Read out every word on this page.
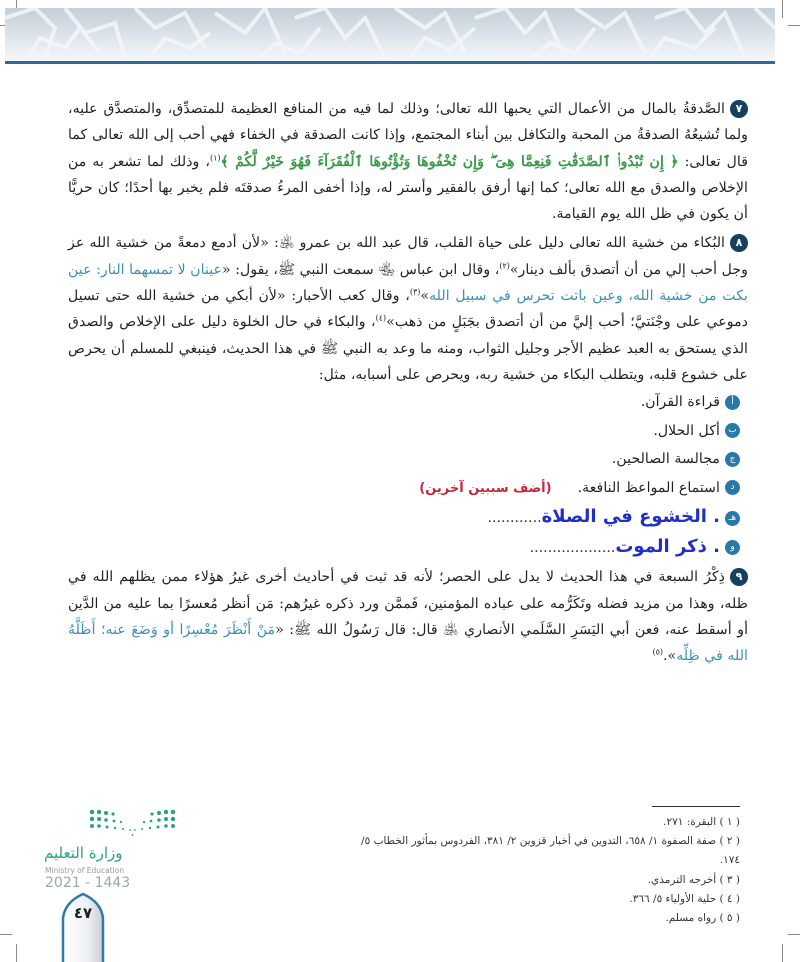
٧الصَّدقةُ بالمال من الأعمال التي يحبها الله تعالى؛ وذلك لما فيه من المنافع العظيمة للمتصدِّق، والمتصدَّق عليه، ولما تُشيعُهُ الصدقةُ من المحبة والتكافل بين أبناء المجتمع، وإذا كانت الصدقة في الخفاء فهي أحب إلى الله تعالى كما قال تعالى: ﴿ إِن تُبْدُوا۟ ٱلصَّدَقَٰتِ فَنِعِمَّا هِىَ ۖ وَإِن تُخْفُوهَا وَتُؤْتُوهَا ٱلْفُقَرَآءَ فَهُوَ خَيْرٌ لَّكُمْ ﴾$^{(١)}$، وذلك لما تشعر به من الإخلاص والصدق مع الله تعالى؛ كما إنها أرفق بالفقير وأستر له، وإذا أخفى المرءُ صدقتَه فلم يخبر بها أحدًا؛ كان حريًّا أن يكون في ظل الله يوم القيامة.

٨البُكاء من خشية الله تعالى دليل على حياة القلب، قال عبد الله بن عمرو ﵁: «لأن أدمع دمعةً من خشية الله عز وجل أحب إلي من أن أتصدق بألف دينار»$^{(٢)}$، وقال ابن عباس ﵄ سمعت النبي ﷺ، يقول: «عينان لا تمسهما النار: عين بكت من خشية الله، وعين باتت تحرس في سبيل الله»$^{(٣)}$، وقال كعب الأحبار: «لأن أبكي من خشية الله حتى تسيل دموعي على وجْنَتيَّ؛ أحب إليَّ من أن أتصدق بجَبَلٍ من ذهب»$^{(٤)}$، والبكاء في حال الخلوة دليل على الإخلاص والصدق الذي يستحق به العبد عظيم الأجر وجليل الثواب، ومنه ما وعد به النبي ﷺ في هذا الحديث، فينبغي للمسلم أن يحرص على خشوع قلبه، ويتطلب البكاء من خشية ربه، ويحرص على أسبابه، مثل:

أقراءة القرآن.
بأكل الحلال.
جمجالسة الصالحين.
داستماع المواعظ النافعة.(أضف سببين آخرين)
هـ. الخشوع في الصلاة............
و. ذكر الموت...................

٩ذِكْرُ السبعة في هذا الحديث لا يدل على الحصر؛ لأنه قد ثبت في أحاديث أخرى غيرُ هؤلاء ممن يظلهم الله في ظله، وهذا من مزيد فضله وتَكَرُّمه على عباده المؤمنين، فَممَّن ورد ذكره غيرُهم: مَن أنظر مُعسرًا بما عليه من الدَّين أو أسقط عنه، فعن أبي اليَسَرِ السَّلَمي الأنصاري ﵁ قال: قال رَسُولُ الله ﷺ: «مَنْ أَنْظَرَ مُعْسِرًا أو وَضَعَ عنه؛ أَظَلَّهُ الله في ظِلِّه».$^{(٥)}$

( ١ ) البقرة: ٢٧١.
( ٢ ) صفة الصفوة ١/ ٦٥٨، التدوين في أخبار قزوين ٢/ ٣٨١، الفردوس بمأثور الخطاب ٥/ ١٧٤.
( ٣ ) أخرجه الترمذي.
( ٤ ) حلية الأولياء ٥/ ٣٦٦.
( ٥ ) رواه مسلم.
٤٧
وزارة التعليم
Ministry of Education
2021 - 1443
